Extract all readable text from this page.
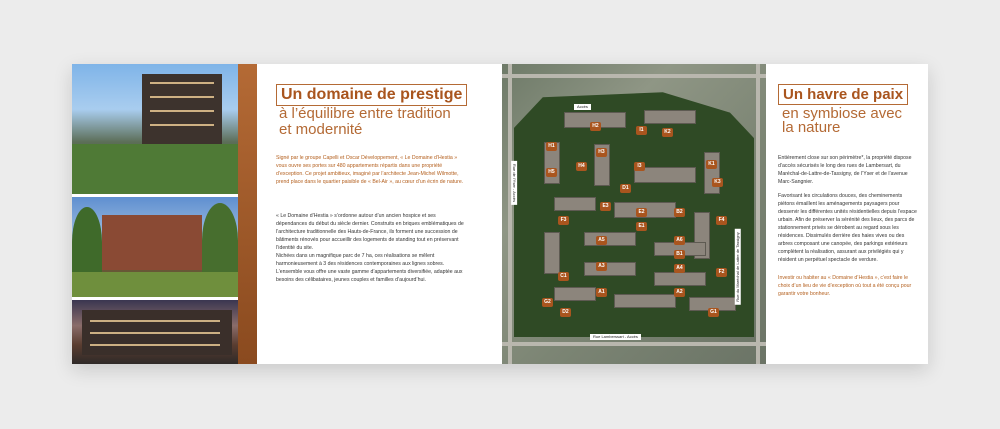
Un domaine de prestige
à l’équilibre entre tradition
et modernité
Signé par le groupe Capelli et Oscar Développement, « Le Domaine d’Hestia » vous ouvre ses portes sur 480 appartements répartis dans une propriété d’exception. Ce projet ambitieux, imaginé par l’architecte Jean-Michel Wilmotte, prend place dans le quartier paisible de « Bel-Air », au cœur d’un écrin de nature.
« Le Domaine d’Hestia » s’ordonne autour d’un ancien hospice et ses dépendances du début du siècle dernier. Construits en briques emblématiques de l’architecture traditionnelle des Hauts-de-France, ils forment une succession de bâtiments rénovés pour accueillir des logements de standing tout en préservant l’identité du site.
Nichées dans un magnifique parc de 7 ha, ces réalisations se mêlent harmonieusement à 3 des résidences contemporaines aux lignes sobres. L’ensemble vous offre une vaste gamme d’appartements diversifiée, adaptée aux besoins des célibataires, jeunes couples et familles d’aujourd’hui.
H2
I1	K2
H1
H3
H4	I3	K1
K3
H5
D1
E3
F4
E2
E1
B2
F3
A5	A6
F2
B1
A3	A4
C1
A1	A2
G2
D2	G1
Accès
Rue Lamberssart - Accès
Rue de l’Yser - Accès
Rue du Maréchal de Lattre de Tassigny
Un havre de paix
en symbiose avec
la nature
Entièrement close sur son périmètre*, la propriété dispose d’accès sécurisés le long des rues de Lambersart, du Maréchal-de-Lattre-de-Tassigny, de l’Yser et de l’avenue Marc-Sangnier.
Favorisant les circulations douces, des cheminements piétons émaillent les aménagements paysagers pour desservir les différentes unités résidentielles depuis l’espace urbain. Afin de préserver la sérénité des lieux, des parcs de stationnement privés se dérobent au regard sous les résidences. Dissimulés derrière des haies vives ou des arbres composant une canopée, des parkings extérieurs complètent la réalisation, assurant aux privilégiés qui y résident un perpétuel spectacle de verdure.
Investir ou habiter au « Domaine d’Hestia », c’est faire le choix d’un lieu de vie d’exception où tout a été conçu pour garantir votre bonheur.
